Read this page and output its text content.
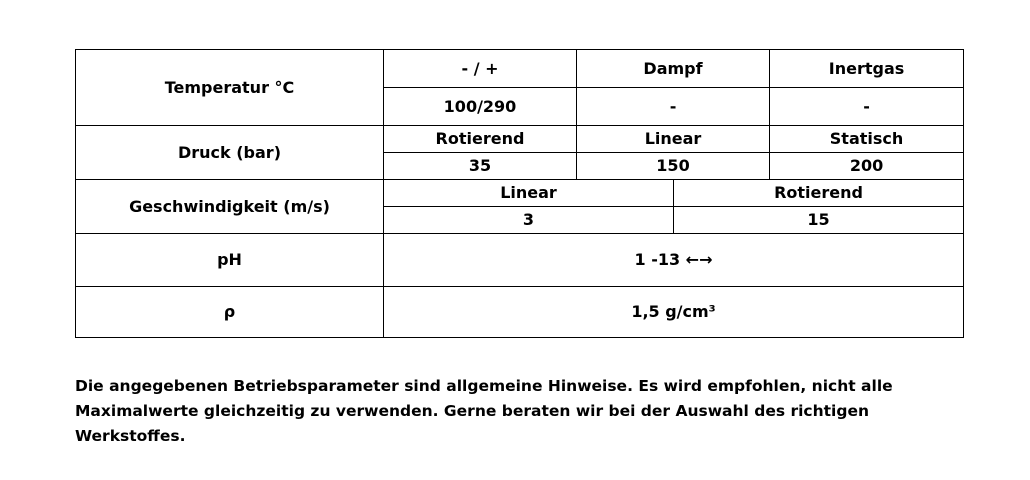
Temperatur °C	- / +	Dampf		Inertgas
	100/290	-		-
Druck (bar)	Rotierend	Linear		Statisch
	35	150		200
Geschwindigkeit (m/s)	Linear		Rotierend	
	3		15	
pH	1 -13 ←→			
ρ	1,5 g/cm³			

Die angegebenen Betriebsparameter sind allgemeine Hinweise. Es wird empfohlen, nicht alle Maximalwerte gleichzeitig zu verwenden. Gerne beraten wir bei der Auswahl des richtigen Werkstoffes.
